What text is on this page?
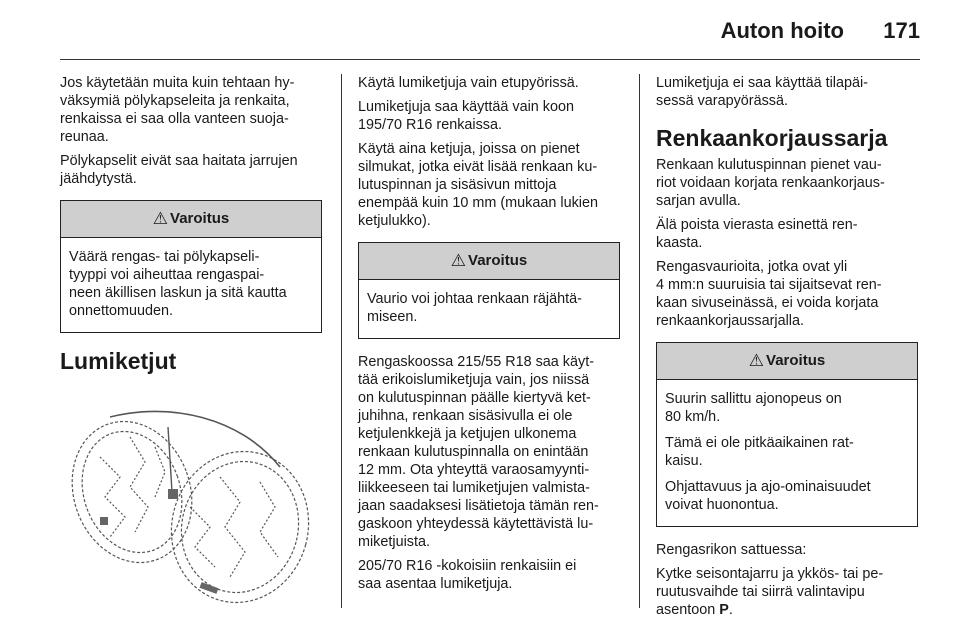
Auton hoito 171

Jos käytetään muita kuin tehtaan hy-
väksymiä pölykapseleita ja renkaita,
renkaissa ei saa olla vanteen suoja-
reunaa.

Pölykapselit eivät saa haitata jarrujen
jäähdytystä.

⚠ Varoitus

Väärä rengas- tai pölykapseli-
tyyppi voi aiheuttaa rengaspai-
neen äkillisen laskun ja sitä kautta
onnettomuuden.

Lumiketjut

Käytä lumiketjuja vain etupyörissä.

Lumiketjuja saa käyttää vain koon
195/70 R16 renkaissa.

Käytä aina ketjuja, joissa on pienet
silmukat, jotka eivät lisää renkaan ku-
lutuspinnan ja sisäsivun mittoja
enempää kuin 10 mm (mukaan lukien
ketjulukko).

⚠ Varoitus

Vaurio voi johtaa renkaan räjähtä-
miseen.

Rengaskoossa 215/55 R18 saa käyt-
tää erikoislumiketjuja vain, jos niissä
on kulutuspinnan päälle kiertyvä ket-
juhihna, renkaan sisäsivulla ei ole
ketjulenkkejä ja ketjujen ulkonema
renkaan kulutuspinnalla on enintään
12 mm. Ota yhteyttä varaosamyynti-
liikkeeseen tai lumiketjujen valmista-
jaan saadaksesi lisätietoja tämän ren-
gaskoon yhteydessä käytettävistä lu-
miketjuista.

205/70 R16 -kokoisiin renkaisiin ei
saa asentaa lumiketjuja.

Lumiketjuja ei saa käyttää tilapäi-
sessä varapyörässä.

Renkaankorjaussarja

Renkaan kulutuspinnan pienet vau-
riot voidaan korjata renkaankorjaus-
sarjan avulla.

Älä poista vierasta esinettä ren-
kaasta.

Rengasvaurioita, jotka ovat yli
4 mm:n suuruisia tai sijaitsevat ren-
kaan sivuseinässä, ei voida korjata
renkaankorjaussarjalla.

⚠ Varoitus

Suurin sallittu ajonopeus on
80 km/h.

Tämä ei ole pitkäaikainen rat-
kaisu.

Ohjattavuus ja ajo-ominaisuudet
voivat huonontua.

Rengasrikon sattuessa:

Kytke seisontajarru ja ykkös- tai pe-
ruutusvaihde tai siirrä valintavipu
asentoon P.
